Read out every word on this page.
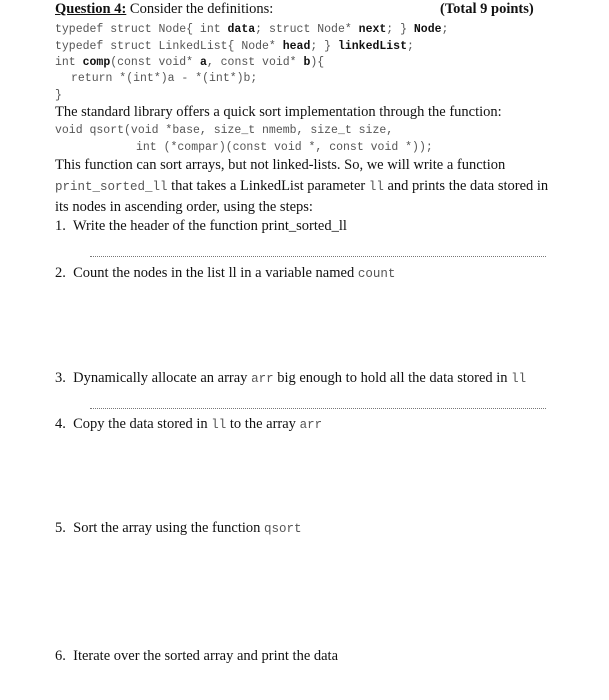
Question 4: Consider the definitions:	(Total 9 points)
typedef struct Node{ int data; struct Node* next; } Node;
typedef struct LinkedList{ Node* head; } linkedList;
int comp(const void* a, const void* b){
return *(int*)a - *(int*)b;
}
The standard library offers a quick sort implementation through the function:
void qsort(void *base, size_t nmemb, size_t size,
int (*compar)(const void *, const void *));
This function can sort arrays, but not linked-lists. So, we will write a function
print_sorted_ll that takes a LinkedList parameter ll and prints the data stored in
its nodes in ascending order, using the steps:
1. Write the header of the function print_sorted_ll
2. Count the nodes in the list ll in a variable named count
3. Dynamically allocate an array arr big enough to hold all the data stored in ll
4. Copy the data stored in ll to the array arr
5. Sort the array using the function qsort
6. Iterate over the sorted array and print the data
